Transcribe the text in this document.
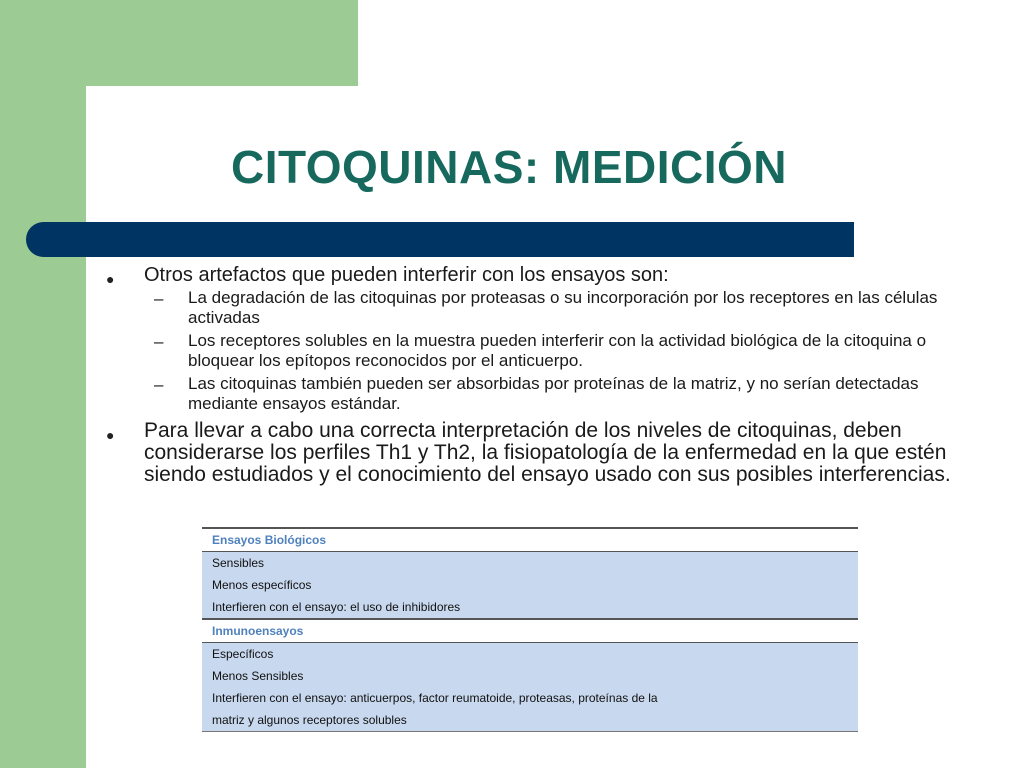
CITOQUINAS: MEDICIÓN

● Otros artefactos que pueden interferir con los ensayos son:

– La degradación de las citoquinas por proteasas o su incorporación por los receptores en las células activadas

– Los receptores solubles en la muestra pueden interferir con la actividad biológica de la citoquina o bloquear los epítopos reconocidos por el anticuerpo.

– Las citoquinas también pueden ser absorbidas por proteínas de la matriz, y no serían detectadas mediante ensayos estándar.

● Para llevar a cabo una correcta interpretación de los niveles de citoquinas, deben considerarse los perfiles Th1 y Th2, la fisiopatología de la enfermedad en la que estén siendo estudiados y el conocimiento del ensayo usado con sus posibles interferencias.

Ensayos Biológicos
Sensibles
Menos específicos
Interfieren con el ensayo: el uso de inhibidores
Inmunoensayos
Específicos
Menos Sensibles
Interfieren con el ensayo: anticuerpos, factor reumatoide, proteasas, proteínas de la
matriz y algunos receptores solubles
